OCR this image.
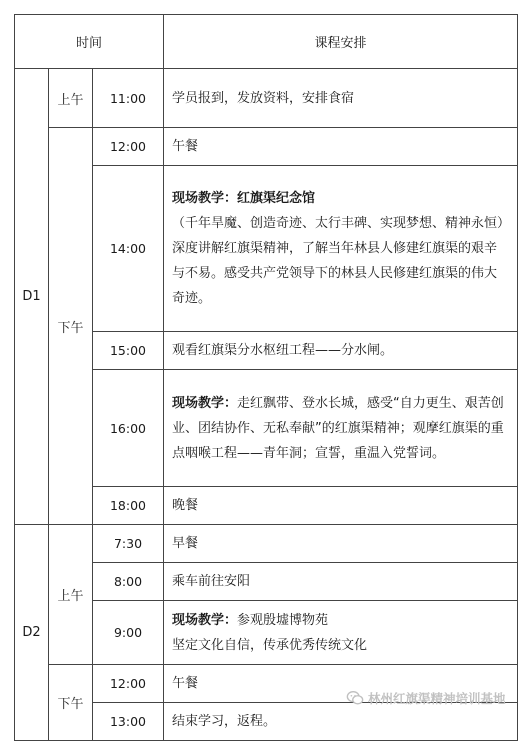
时间			课程安排
D1	上午	11:00	学员报到，发放资料，安排食宿
	下午	12:00	午餐
		14:00	现场教学：红旗渠纪念馆
（千年旱魔、创造奇迹、太行丰碑、实现梦想、精神永恒）
深度讲解红旗渠精神，了解当年林县人修建红旗渠的艰辛与不易。感受共产党领导下的林县人民修建红旗渠的伟大奇迹。

		15:00	观看红旗渠分水枢纽工程——分水闸。
		16:00	现场教学：走红飘带、登水长城，感受“自力更生、艰苦创业、团结协作、无私奉献”的红旗渠精神；观摩红旗渠的重点咽喉工程——青年洞；宣誓，重温入党誓词。
		18:00	晚餐
D2	上午	7:30	早餐
		8:00	乘车前往安阳
		9:00	现场教学：参观殷墟博物苑
坚定文化自信，传承优秀传统文化

	下午	12:00	午餐
		13:00	结束学习，返程。
林州红旗渠精神培训基地
